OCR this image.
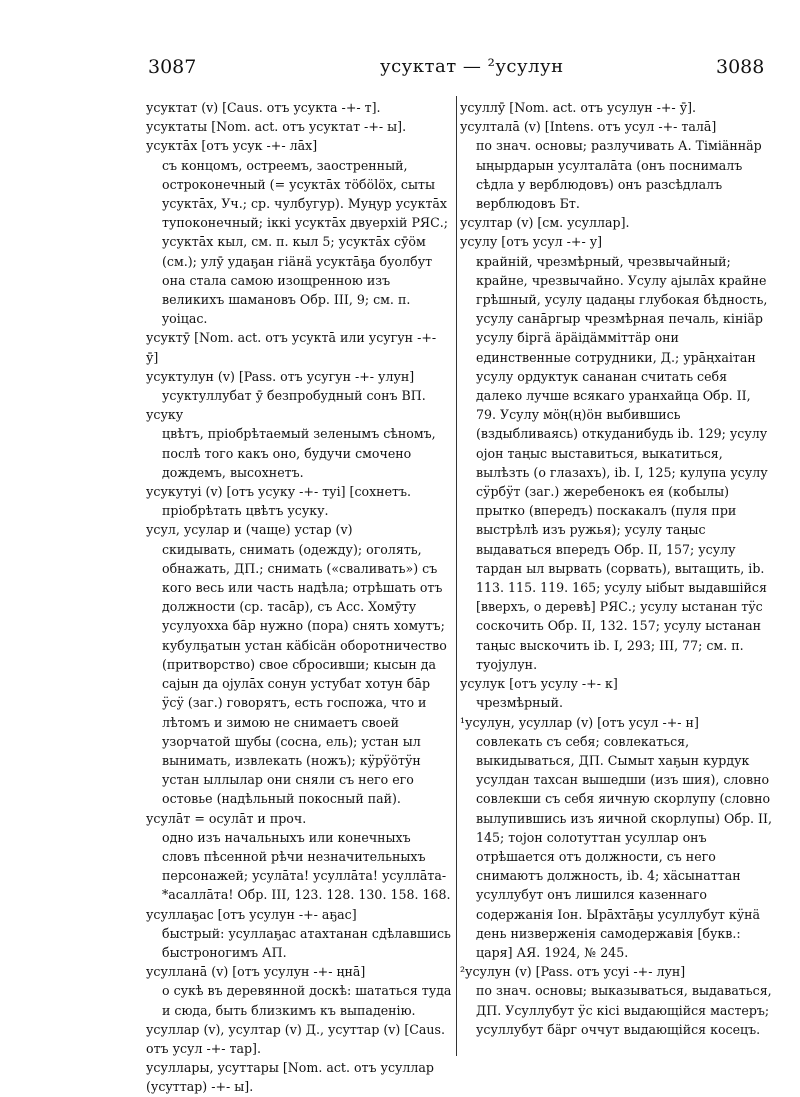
3087	усуктат — ²усулун	3088
усуктат (v) [Caus. отъ усукта -+- т].
усуктаты [Nom. act. отъ усуктат -+- ы].
усуктāх [отъ усук -+- лāх]
съ концомъ, остреемъ, заостренный, остроконечный (= усуктāх тöбölöх, сыты усуктāх, Уч.; ср. чулбугур). Муңур усуктāх тупоконечный; iккі усуктāх двуерхiй РЯС.; усуктāх кыл, см. п. кыл 5; усуктāх сӯöм (см.); улӯ удаҕан гiäнä усуктāҕа буолбут она стала самою изощренною изъ великихъ шамановъ Обр. III, 9; см. п. yoiцас.
усуктӯ [Nom. act. отъ усуктā или усугун -+- ӯ]
усуктулун (v) [Pass. отъ усугун -+- улун]
усуктуллубат ӯ безпробудный сонъ ВП.
усуку
цвѣтъ, прiобрѣтаемый зеленымъ сѣномъ, послѣ того какъ оно, будучи смочено дождемъ, высохнетъ.
усукутуi (v) [отъ усуку -+- туi] [сохнетъ.
прiобрѣтать цвѣтъ усуку.
усул, усулар и (чаще) устар (v)
скидывать, снимать (одежду); оголять, обнажать, ДП.; снимать («сваливать») съ кого весь или часть надѣла; отрѣшать отъ должности (ср. тасāр), съ Асс. Хомӯту усулуохха бāр нужно (пора) снять хомутъ; кубулҕатын устан кäбiсäн оборотничество (притворство) свое сбросивши; кысын да саjын да оjулāх сонун устубат хотун бāр ӱсӱ (заг.) говорятъ, есть госпожа, что и лѣтомъ и зимою не снимаетъ своей узорчатой шубы (сосна, ель); устан ыл вынимать, извлекать (ножъ); кӱрӱöтӱн устан ыллылар они сняли съ него его остовье (надѣльный покосный пай).
усулāт = осулāт и проч.
одно изъ начальныхъ или конечныхъ словъ пѣсенной рѣчи незначительныхъ персонажей; усулāта! усуллāта! усуллāта-*асаллāта! Обр. III, 123. 128. 130. 158. 168.
усуллаҕас [отъ усулун -+- аҕас]
быстрый: усуллаҕас атахтанан сдѣлавшись быстроногимъ АП.
усулланā (v) [отъ усулун -+- ңнā]
о сукѣ въ деревянной доскѣ: шататься туда и сюда, быть близкимъ къ выпаденiю.
усуллар (v), усултар (v) Д., усуттар (v) [Caus. отъ усул -+- тар].
усуллары, усуттары [Nom. act. отъ усуллар (усуттар) -+- ы].
усуллӯ [Nom. act. отъ усулун -+- ӯ].
усулталā (v) [Intens. отъ усул -+- талā]
по знач. основы; разлучивать А. Тiмiäннäр ыңырдарын усулталāта (онъ поснималъ сѣдла у верблюдовъ) онъ разсѣдлалъ верблюдовъ Бт.
усултар (v) [см. усуллар].
усулу [отъ усул -+- у]
крайнiй, чрезмѣрный, чрезвычайный; крайне, чрезвычайно. Усулу аjылāх крайне грѣшный, усулу цадаңы глубокая бѣдность, усулу санāргыр чрезмѣрная печаль, кiнiäр усулу бiргä äрäiдäмміттäр они единственные сотрудники, Д.; урāңхаiтан усулу ордуктук сананан считать себя далеко лучше всякаго уранхайца Обр. II, 79. Усулу мöң(ң)öн выбившись (вздыбливаясь) откуданибудь ib. 129; усулу ojон таңыс выставиться, выкатиться, вылѣзть (о глазахъ), ib. I, 125; кулупа усулу сӱрбӱт (заг.) жеребенокъ ея (кобылы) прытко (впередъ) поскакалъ (пуля при выстрѣлѣ изъ ружья); усулу таңыс выдаваться впередъ Обр. II, 157; усулу тардан ыл вырвать (сорвать), вытащить, ib. 113. 115. 119. 165; усулу ыiбыт выдавшiйся [вверхъ, о деревѣ] РЯС.; усулу ыстанан тӱс соскочить Обр. II, 132. 157; усулу ыстанан таңыс выскочить ib. I, 293; III, 77; см. п. туojулун.
усулук [отъ усулу -+- к]
чрезмѣрный.
¹усулун, усуллар (v) [отъ усул -+- н]
совлекать съ себя; совлекаться, выкидываться, ДП. Сымыт хаҕын курдук усулдан тахсан вышедши (изъ шия), словно совлекши съ себя яичную скорлупу (словно вылупившись изъ яичной скорлупы) Обр. II, 145; тojон солотуттан усуллар онъ отрѣшается отъ должности, съ него снимаютъ должность, ib. 4; хäсынаттан усуллубут онъ лишился казеннаго содержанiя Іон. Ырāхтāҕы усуллубут кӱнä день низверженiя самодержавiя [букв.: царя] АЯ. 1924, № 245.
²усулун (v) [Pass. отъ усуi -+- лун]
по знач. основы; выказываться, выдаваться, ДП. Усуллубут ӱс кiсі выдающiйся мастеръ; усуллубут бäрг оччут выдающiйся косецъ.
